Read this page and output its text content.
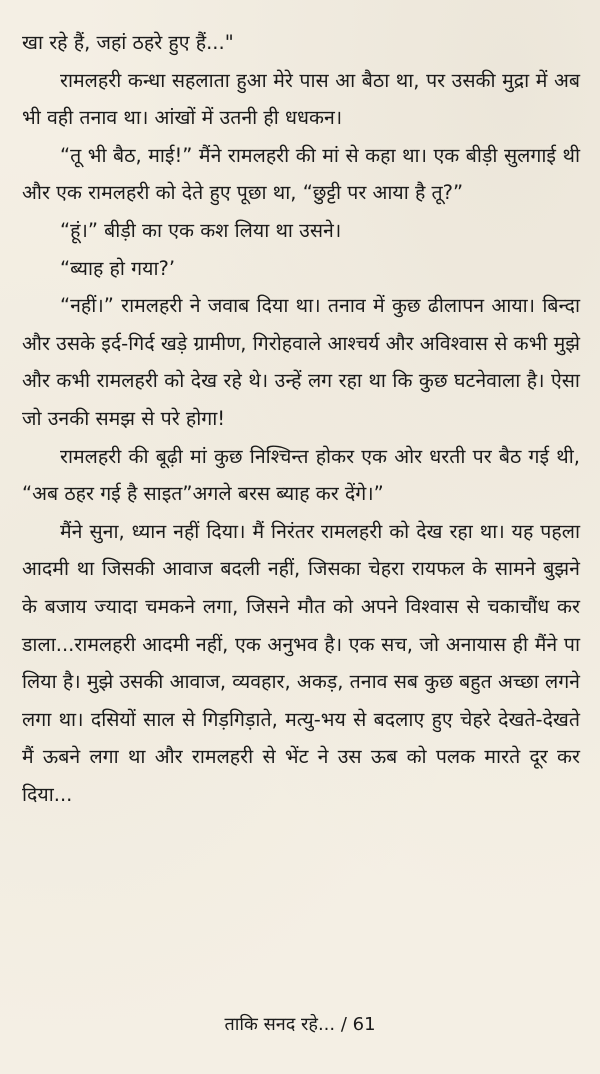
खा रहे हैं, जहां ठहरे हुए हैं..."

रामलहरी कन्धा सहलाता हुआ मेरे पास आ बैठा था, पर उसकी मुद्रा में अब भी वही तनाव था। आंखों में उतनी ही धधकन।

“तू भी बैठ, माई!” मैंने रामलहरी की मां से कहा था। एक बीड़ी सुलगाई थी और एक रामलहरी को देते हुए पूछा था, “छुट्टी पर आया है तू?”

“हूं।” बीड़ी का एक कश लिया था उसने।

“ब्याह हो गया?’

“नहीं।” रामलहरी ने जवाब दिया था। तनाव में कुछ ढीलापन आया। बिन्दा और उसके इर्द-गिर्द खड़े ग्रामीण, गिरोहवाले आश्चर्य और अविश्वास से कभी मुझे और कभी रामलहरी को देख रहे थे। उन्हें लग रहा था कि कुछ घटनेवाला है। ऐसा जो उनकी समझ से परे होगा!

रामलहरी की बूढ़ी मां कुछ निश्चिन्त होकर एक ओर धरती पर बैठ गई थी, “अब ठहर गई है साइत”अगले बरस ब्याह कर देंगे।”

मैंने सुना, ध्यान नहीं दिया। मैं निरंतर रामलहरी को देख रहा था। यह पहला आदमी था जिसकी आवाज बदली नहीं, जिसका चेहरा रायफल के सामने बुझने के बजाय ज्यादा चमकने लगा, जिसने मौत को अपने विश्वास से चकाचौंध कर डाला...रामलहरी आदमी नहीं, एक अनुभव है। एक सच, जो अनायास ही मैंने पा लिया है। मुझे उसकी आवाज, व्यवहार, अकड़, तनाव सब कुछ बहुत अच्छा लगने लगा था। दसियों साल से गिड़गिड़ाते, मत्यु-भय से बदलाए हुए चेहरे देखते-देखते मैं ऊबने लगा था और रामलहरी से भेंट ने उस ऊब को पलक मारते दूर कर दिया...

ताकि सनद रहे... / 61
